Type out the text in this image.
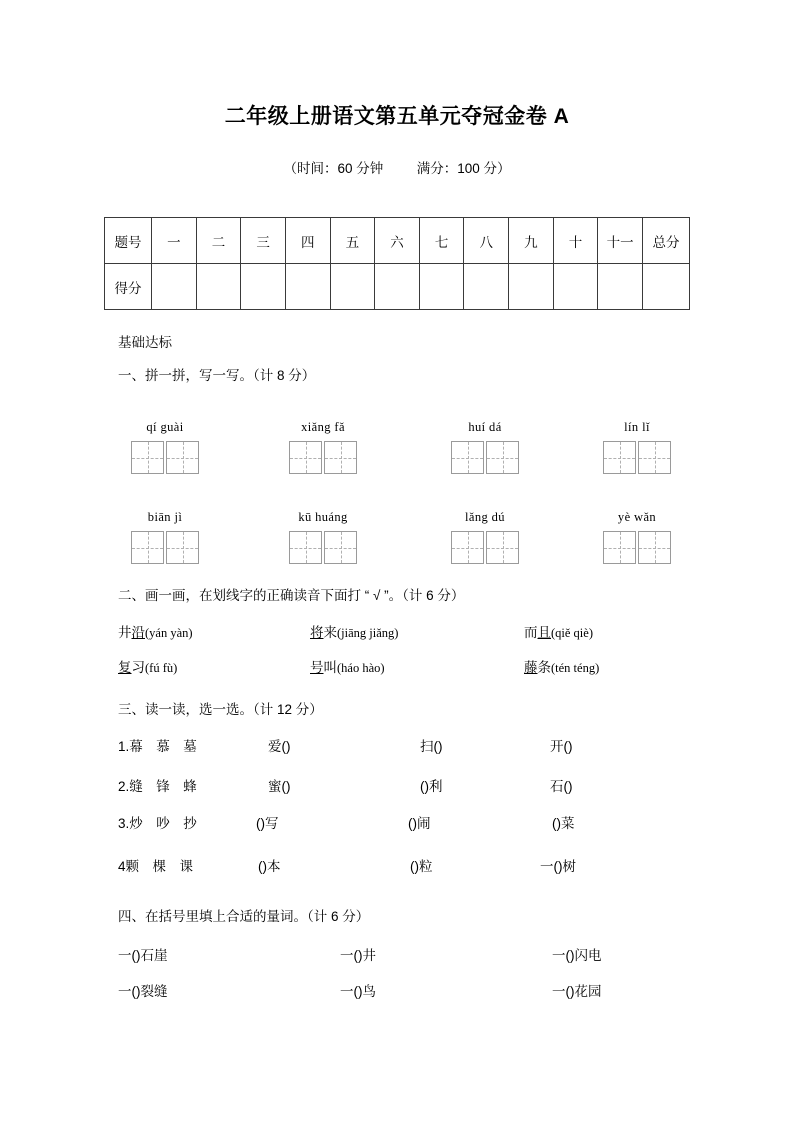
二年级上册语文第五单元夺冠金卷 A
（时间：60 分钟 满分：100 分）
题号	一	二	三	四	五	六	七	八	九	十	十一	总分
得分												
基础达标
一、拼一拼，写一写。（计 8 分）
qí guài	xiǎng fǎ	huí dá	lín lǐ
biān jì	kū huáng	lǎng dú	yè wǎn
二、画一画，在划线字的正确读音下面打 “ √ ”。（计 6 分）
井沿(yán yàn)	将来(jiāng jiǎng)	而且(qiě qiè)
复习(fú fù)	号叫(háo hào)	藤条(tén téng)
三、读一读，选一选。（计 12 分）
1.幕　慕　墓	爱()	扫()	开()
2.缝　锋　蜂	蜜()	()利	石()
3.炒　吵　抄	()写	()闹	()菜
4颗　棵　课	()本	()粒	一()树
四、在括号里填上合适的量词。（计 6 分）
一()石崖	一()井	一()闪电
一()裂缝	一()鸟	一()花园
